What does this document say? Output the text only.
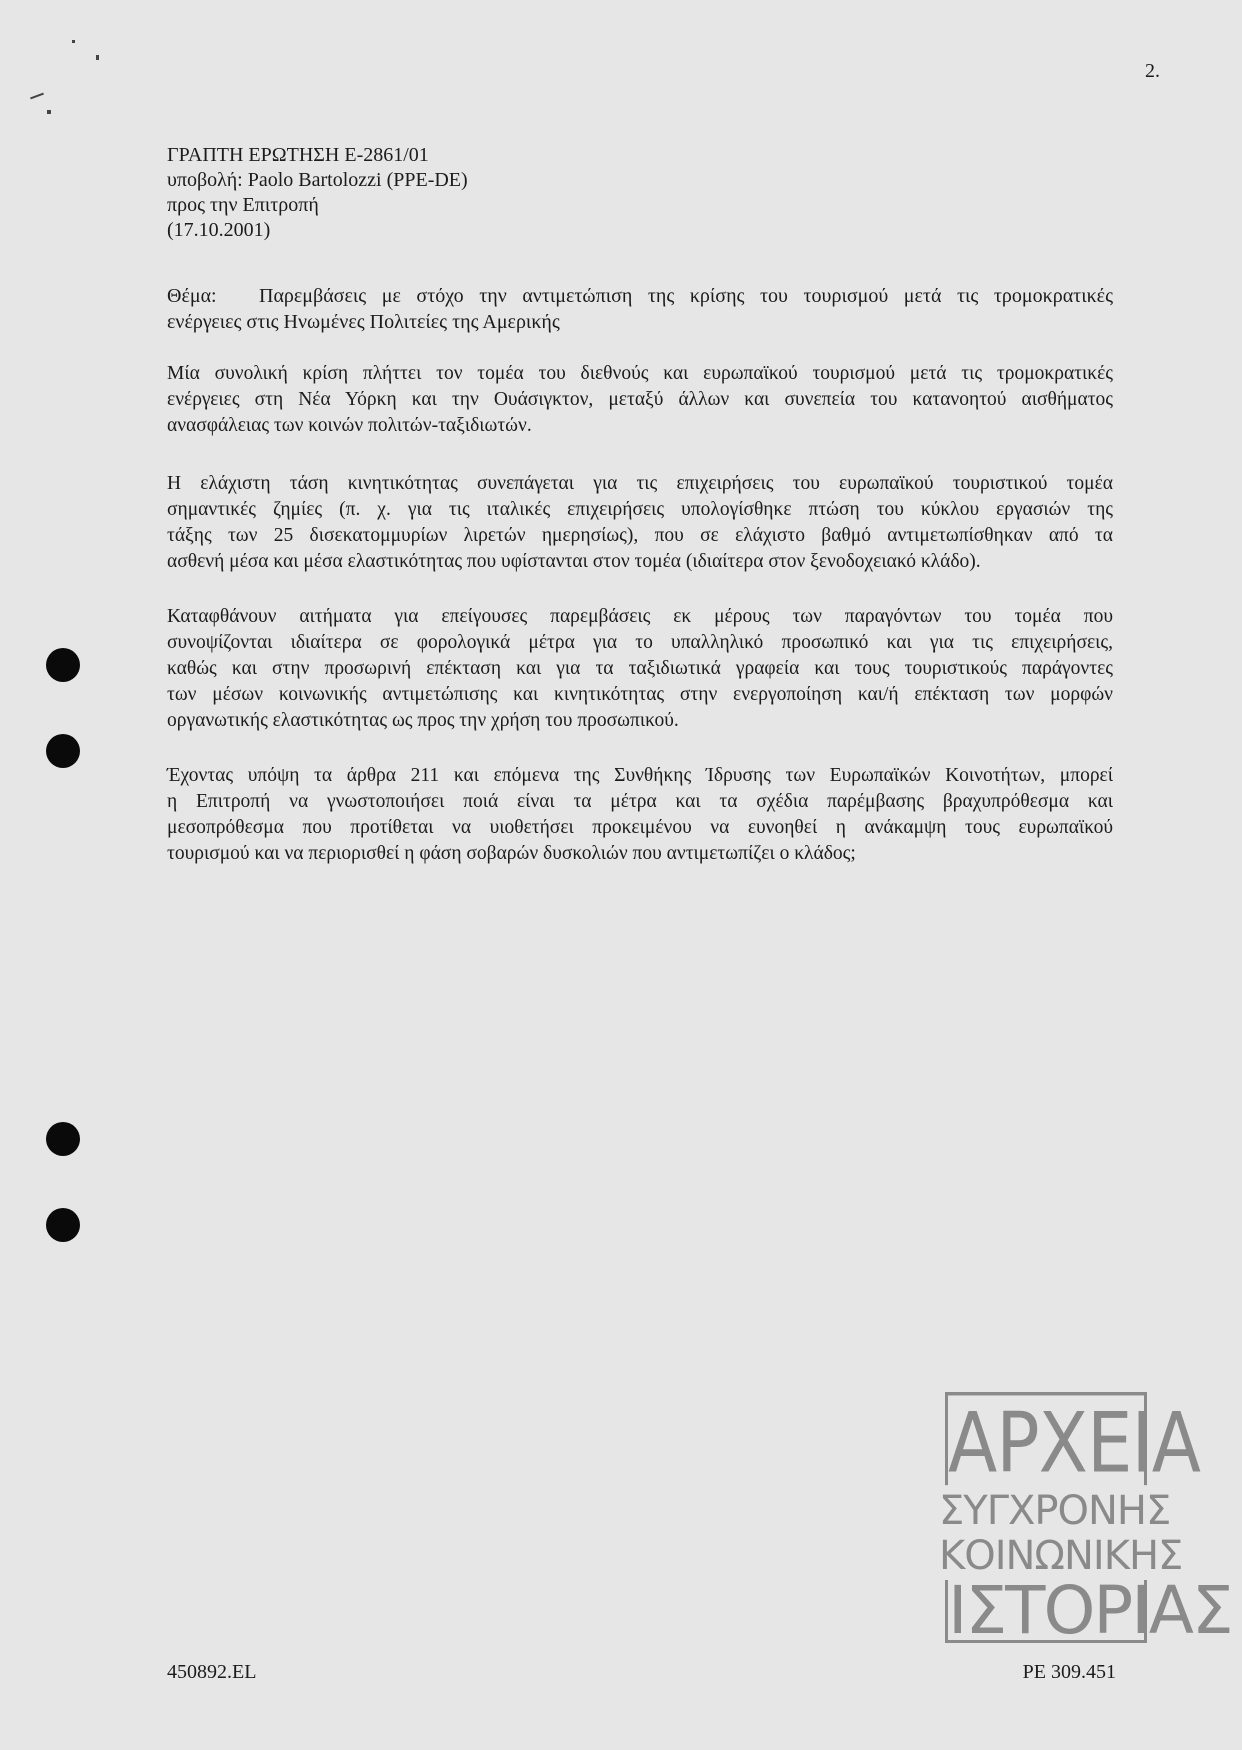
2.
ΓΡΑΠΤΗ ΕΡΩΤΗΣΗ E-2861/01
υποβολή: Paolo Bartolozzi (PPE-DE)
προς την Επιτροπή
(17.10.2001)
Θέμα:	Παρεμβάσεις με στόχο την αντιμετώπιση της κρίσης του τουρισμού μετά τις τρομοκρατικές
ενέργειες στις Ηνωμένες Πολιτείες της Αμερικής
Μία συνολική κρίση πλήττει τον τομέα του διεθνούς και ευρωπαϊκού τουρισμού μετά τις τρομοκρατικές
ενέργειες στη Νέα Υόρκη και την Ουάσιγκτον, μεταξύ άλλων και συνεπεία του κατανοητού αισθήματος
ανασφάλειας των κοινών πολιτών-ταξιδιωτών.
Η ελάχιστη τάση κινητικότητας συνεπάγεται για τις επιχειρήσεις του ευρωπαϊκού τουριστικού τομέα
σημαντικές ζημίες (π. χ. για τις ιταλικές επιχειρήσεις υπολογίσθηκε πτώση του κύκλου εργασιών της
τάξης των 25 δισεκατομμυρίων λιρετών ημερησίως), που σε ελάχιστο βαθμό αντιμετωπίσθηκαν από τα
ασθενή μέσα και μέσα ελαστικότητας που υφίστανται στον τομέα (ιδιαίτερα στον ξενοδοχειακό κλάδο).
Καταφθάνουν αιτήματα για επείγουσες παρεμβάσεις εκ μέρους των παραγόντων του τομέα που
συνοψίζονται ιδιαίτερα σε φορολογικά μέτρα για το υπαλληλικό προσωπικό και για τις επιχειρήσεις,
καθώς και στην προσωρινή επέκταση και για τα ταξιδιωτικά γραφεία και τους τουριστικούς παράγοντες
των μέσων κοινωνικής αντιμετώπισης και κινητικότητας στην ενεργοποίηση και/ή επέκταση των μορφών
οργανωτικής ελαστικότητας ως προς την χρήση του προσωπικού.
Έχοντας υπόψη τα άρθρα 211 και επόμενα της Συνθήκης Ίδρυσης των Ευρωπαϊκών Κοινοτήτων, μπορεί
η Επιτροπή να γνωστοποιήσει ποιά είναι τα μέτρα και τα σχέδια παρέμβασης βραχυπρόθεσμα και
μεσοπρόθεσμα που προτίθεται να υιοθετήσει προκειμένου να ευνοηθεί η ανάκαμψη τους ευρωπαϊκού
τουρισμού και να περιορισθεί η φάση σοβαρών δυσκολιών που αντιμετωπίζει ο κλάδος;
ΑΡΧΕΙΑ
ΣΥΓΧΡΟΝΗΣ
ΚΟΙΝΩΝΙΚΗΣ
ΙΣΤΟΡΙΑΣ
450892.EL	PE 309.451
